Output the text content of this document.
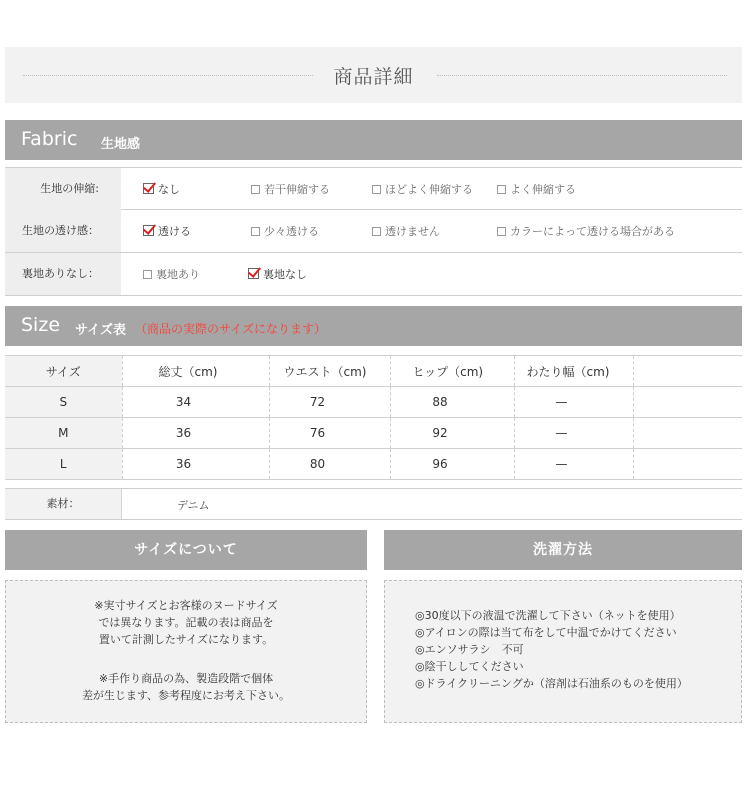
商品詳細
Fabric 生地感
生地の伸縮:	なし	若干伸縮する	ほどよく伸縮する	よく伸縮する
生地の透け感：	透ける	少々透ける	透けません	カラーによって透ける場合がある
裏地ありなし：	裏地あり	裏地なし
Size サイズ表 （商品の実際のサイズになります）
サイズ	総丈（cm)	ウエスト（cm)	ヒップ（cm)	わたり幅（cm)	
S	34	72	88	—	
M	36	76	92	—	
L	36	80	96	—	
素材：	デニム
サイズについて

※実寸サイズとお客様のヌードサイズ

では異なります。記載の表は商品を

置いて計測したサイズになります。

※手作り商品の為、製造段階で個体

差が生じます、参考程度にお考え下さい。

洗濯方法

◎30度以下の液温で洗濯して下さい（ネットを使用）

◎アイロンの際は当て布をして中温でかけてください

◎エンソサラシ　不可

◎陰干ししてください

◎ドライクリーニングか（溶剤は石油系のものを使用）
